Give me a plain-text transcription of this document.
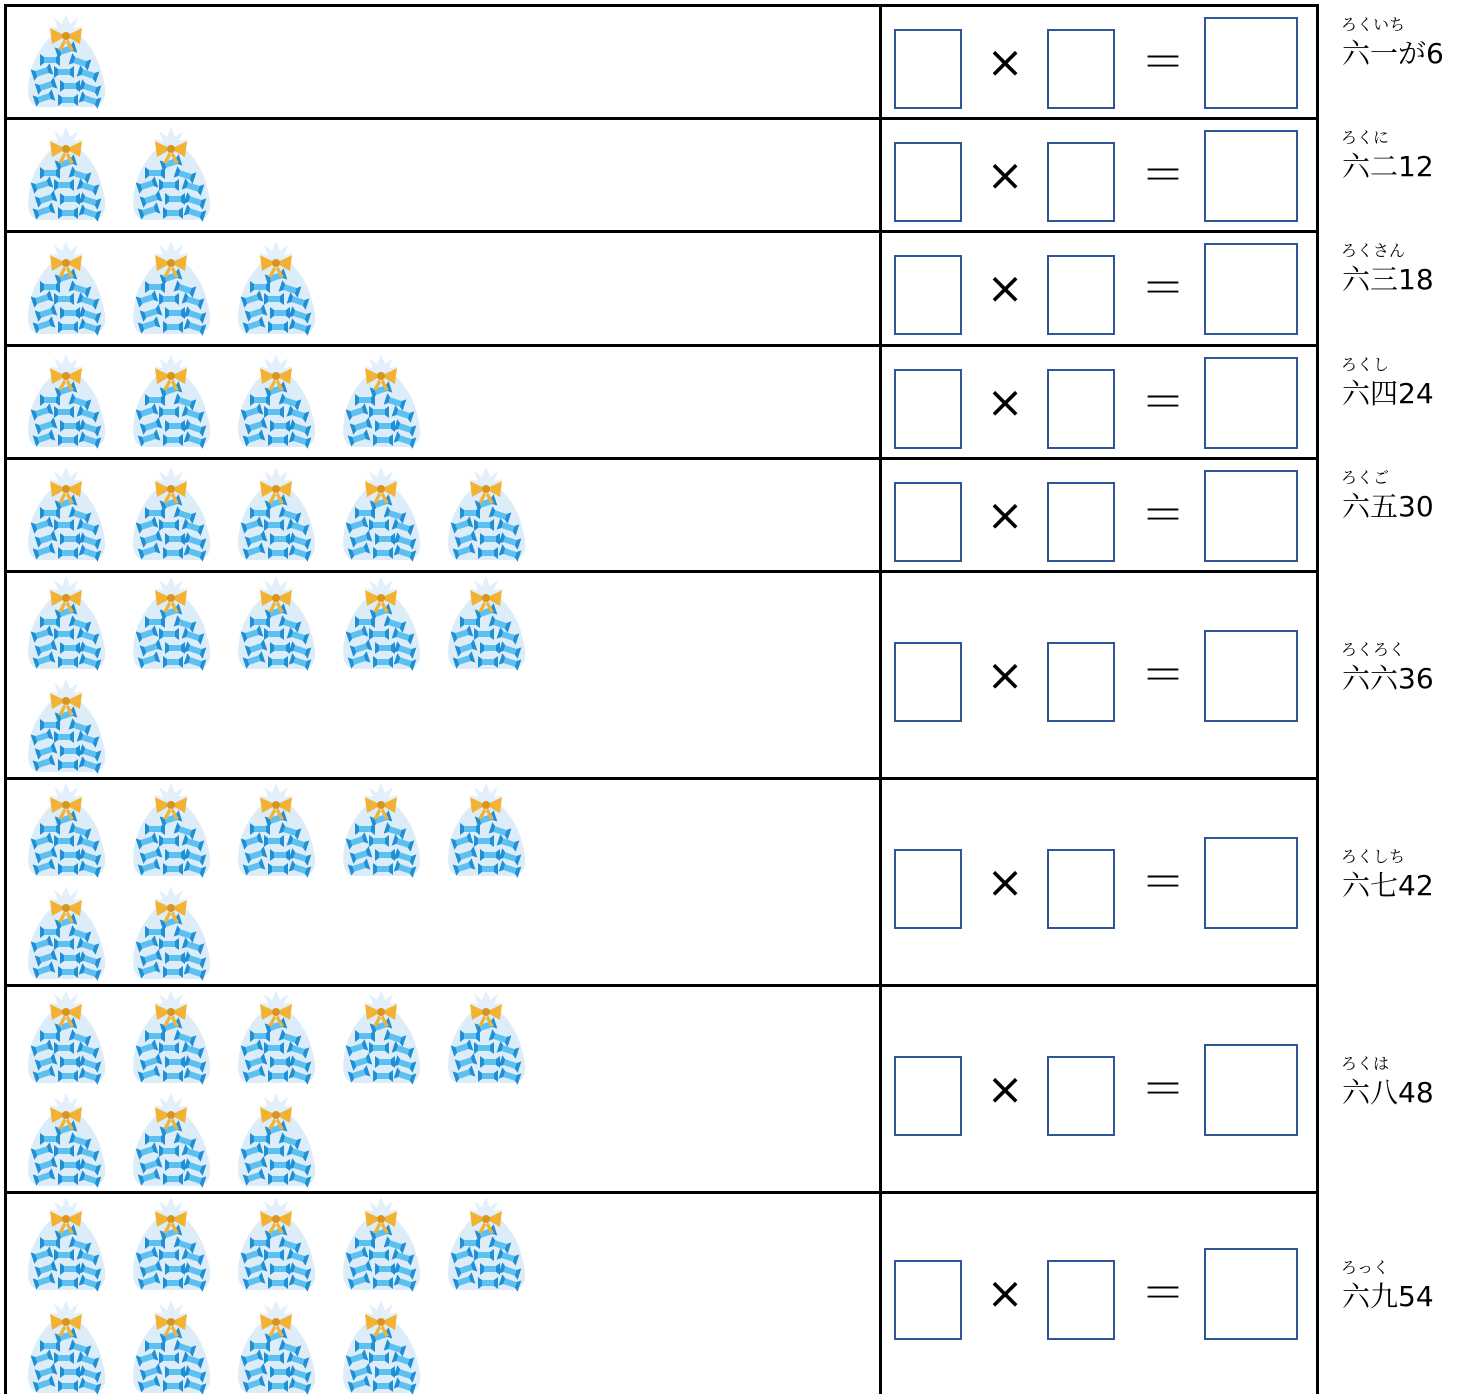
×	＝
ろくいち
六一が6
×	＝
ろくに
六二12
×	＝
ろくさん
六三18
×	＝
ろくし
六四24
×	＝
ろくご
六五30
×	＝
ろくろく
六六36
×	＝
ろくしち
六七42
×	＝
ろくは
六八48
×	＝
ろっく
六九54
